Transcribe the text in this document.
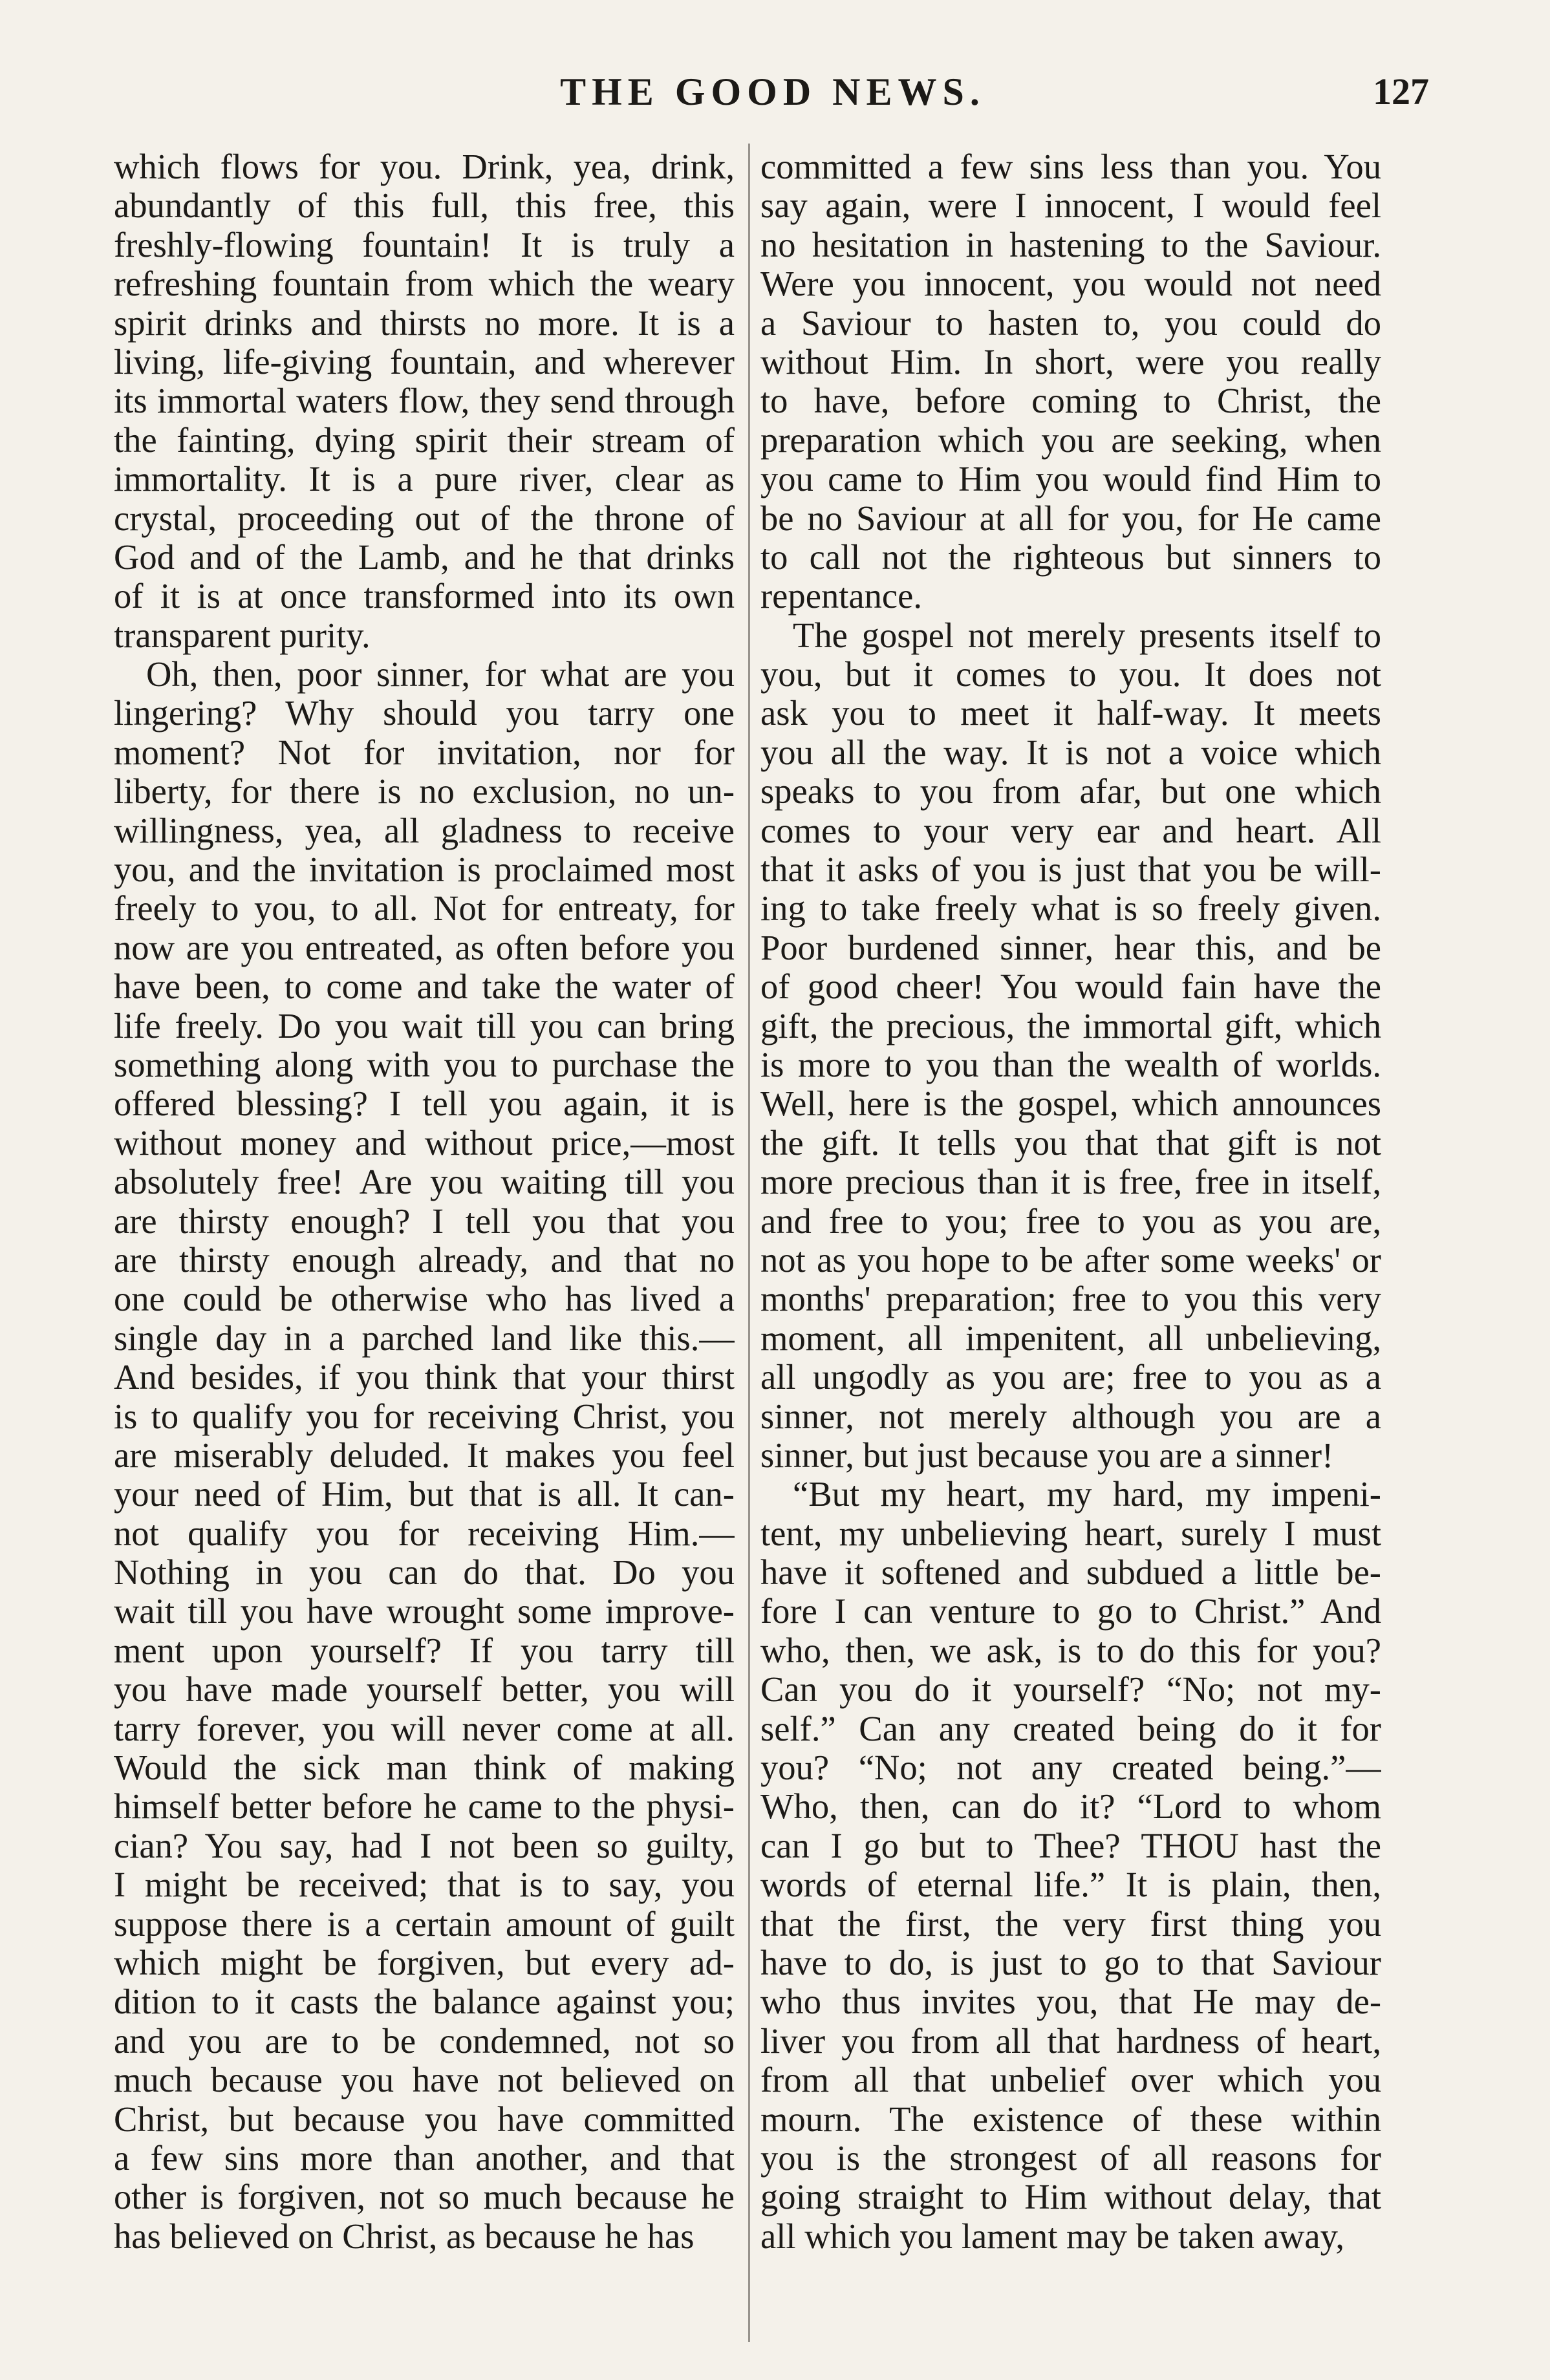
THE GOOD NEWS.	127
which flows for you. Drink, yea, drink,
abundantly of this full, this free, this
freshly-flowing fountain! It is truly a
refreshing fountain from which the weary
spirit drinks and thirsts no more. It is a
living, life-giving fountain, and wherever
its immortal waters flow, they send through
the fainting, dying spirit their stream of
immortality. It is a pure river, clear as
crystal, proceeding out of the throne of
God and of the Lamb, and he that drinks
of it is at once transformed into its own
transparent purity.
Oh, then, poor sinner, for what are you
lingering? Why should you tarry one
moment? Not for invitation, nor for
liberty, for there is no exclusion, no un-
willingness, yea, all gladness to receive
you, and the invitation is proclaimed most
freely to you, to all. Not for entreaty, for
now are you entreated, as often before you
have been, to come and take the water of
life freely. Do you wait till you can bring
something along with you to purchase the
offered blessing? I tell you again, it is
without money and without price,—most
absolutely free! Are you waiting till you
are thirsty enough? I tell you that you
are thirsty enough already, and that no
one could be otherwise who has lived a
single day in a parched land like this.—
And besides, if you think that your thirst
is to qualify you for receiving Christ, you
are miserably deluded. It makes you feel
your need of Him, but that is all. It can-
not qualify you for receiving Him.—
Nothing in you can do that. Do you
wait till you have wrought some improve-
ment upon yourself? If you tarry till
you have made yourself better, you will
tarry forever, you will never come at all.
Would the sick man think of making
himself better before he came to the physi-
cian? You say, had I not been so guilty,
I might be received; that is to say, you
suppose there is a certain amount of guilt
which might be forgiven, but every ad-
dition to it casts the balance against you;
and you are to be condemned, not so
much because you have not believed on
Christ, but because you have committed
a few sins more than another, and that
other is forgiven, not so much because he
has believed on Christ, as because he has
committed a few sins less than you. You
say again, were I innocent, I would feel
no hesitation in hastening to the Saviour.
Were you innocent, you would not need
a Saviour to hasten to, you could do
without Him. In short, were you really
to have, before coming to Christ, the
preparation which you are seeking, when
you came to Him you would find Him to
be no Saviour at all for you, for He came
to call not the righteous but sinners to
repentance.
The gospel not merely presents itself to
you, but it comes to you. It does not
ask you to meet it half-way. It meets
you all the way. It is not a voice which
speaks to you from afar, but one which
comes to your very ear and heart. All
that it asks of you is just that you be will-
ing to take freely what is so freely given.
Poor burdened sinner, hear this, and be
of good cheer! You would fain have the
gift, the precious, the immortal gift, which
is more to you than the wealth of worlds.
Well, here is the gospel, which announces
the gift. It tells you that that gift is not
more precious than it is free, free in itself,
and free to you; free to you as you are,
not as you hope to be after some weeks' or
months' preparation; free to you this very
moment, all impenitent, all unbelieving,
all ungodly as you are; free to you as a
sinner, not merely although you are a
sinner, but just because you are a sinner!
“But my heart, my hard, my impeni-
tent, my unbelieving heart, surely I must
have it softened and subdued a little be-
fore I can venture to go to Christ.” And
who, then, we ask, is to do this for you?
Can you do it yourself? “No; not my-
self.” Can any created being do it for
you? “No; not any created being.”—
Who, then, can do it? “Lord to whom
can I go but to Thee? THOU hast the
words of eternal life.” It is plain, then,
that the first, the very first thing you
have to do, is just to go to that Saviour
who thus invites you, that He may de-
liver you from all that hardness of heart,
from all that unbelief over which you
mourn. The existence of these within
you is the strongest of all reasons for
going straight to Him without delay, that
all which you lament may be taken away,
